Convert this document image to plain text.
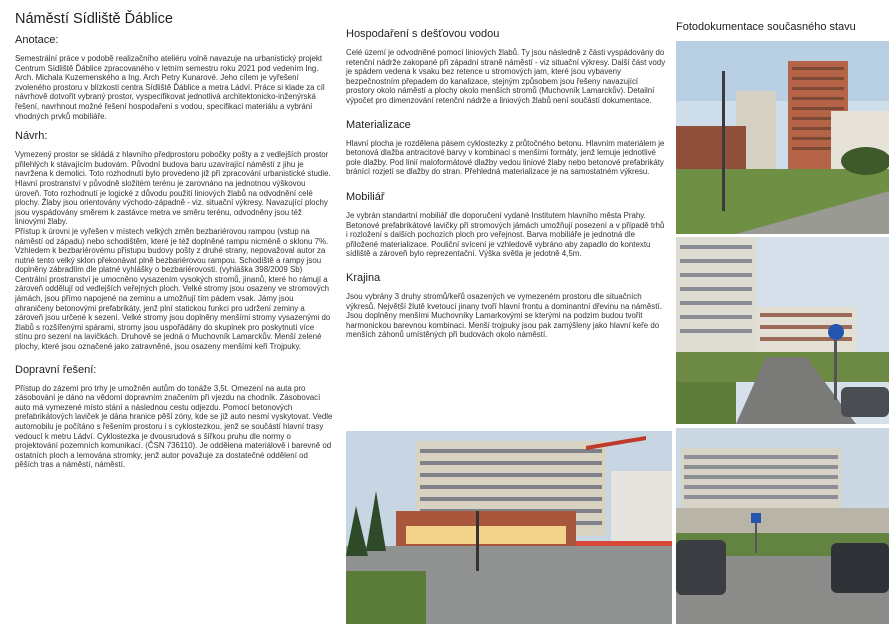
Náměstí Sídliště Ďáblice
Anotace:

Semestrální práce v podobě realizačního ateliéru volně navazuje na urbanistický projekt Centrum Sídliště Ďáblice zpracovaného v letním semestru roku 2021 pod vedením Ing. Arch. Michala Kuzemenského a Ing. Arch Petry Kunarové. Jeho cílem je vyřešení zvoleného prostoru v blízkosti centra Sídliště Ďáblice a metra Ládví. Práce si klade za cíl návrhově dotvořit vybraný prostor, vyspecifikovat jednotlivá architektonicko-inženýrská řešení, navrhnout možné řešení hospodaření s vodou, specifikaci materiálu a vybrání vhodných prvků mobiliáře.

Návrh:

Vymezený prostor se skládá z hlavního předprostoru pobočky pošty a z vedlejších prostor přilehlých k stávajícím budovám. Původní budova baru uzavírající náměstí z jihu je navržena k demolici. Toto rozhodnutí bylo provedeno již při zpracování urbanistické studie. Hlavní prostranství v původně složitém terénu je zarovnáno na jednotnou výškovou úroveň. Toto rozhodnutí je logické z důvodu použití liniových žlabů na odvodnění celé plochy. Žlaby jsou orientovány východo-západně - viz. situační výkresy. Navazující plochy jsou vyspádovány směrem k zastávce metra ve směru terénu, odvodněny jsou též liniovými žlaby.

Přístup k úrovni je vyřešen v místech velkých změn bezbariérovou rampou (vstup na náměstí od západu) nebo schodištěm, které je též doplněné rampu nicméně o sklonu 7%. Vzhledem k bezbariérovému přístupu budovy pošty z druhé strany, nepovažoval autor za nutné tento velký sklon překonávat plně bezbariérovou rampou. Schodiště a rampy jsou doplněny zábradlím dle platné vyhlášky o bezbariérovosti. (vyhláška 398/2009 Sb)

Centrální prostranství je umocněno vysazením vysokých stromů, jinanů, které ho rámují a zároveň oddělují od vedlejších veřejných ploch. Velké stromy jsou osazeny ve stromových jámách, jsou přímo napojené na zeminu a umožňují tím pádem vsak. Jámy jsou ohraničeny betonovými prefabrikáty, jenž plní statickou funkci pro udržení zeminy a zároveň jsou určené k sezení. Velké stromy jsou doplněny menšími stromy vysazenými do žlabů s rozšířenými spárami, stromy jsou uspořádány do skupinek pro poskytnutí více stínu pro sezení na lavičkách. Druhově se jedná o Muchovník Lamarckův. Menší zelené plochy, které jsou označené jako zatravněné, jsou osazeny menšími keři Trojpuky.

Dopravní řešení:

Přístup do zázemí pro trhy je umožněn autům do tonáže 3,5t. Omezení na auta pro zásobování je dáno na vědomí dopravním značením při vjezdu na chodník. Zásobovací auto má vymezené místo stání a následnou cestu odjezdu. Pomocí betonových prefabrikátových laviček je dána hranice pěší zóny, kde se již auto nesmí vyskytovat. Vedle automobilu je počítáno s řešením prostoru i s cyklostezkou, jenž se součástí hlavní trasy vedoucí k metru Ládví. Cyklostezka je dvousrudová s šířkou pruhu dle normy o projektování pozemních komunikací. (ČSN 736110). Je oddělena materiálově i barevně od ostatních ploch a lemována stromky, jenž autor považuje za dostatečné oddělení od pěších tras a náměstí, náměstí.

Hospodaření s dešťovou vodou

Celé území je odvodněné pomocí liniových žlabů. Ty jsou následně z části vyspádovány do retenční nádrže zakopané při západní straně náměstí - viz situační výkresy. Další část vody je spádem vedena k vsaku bez retence u stromových jam, které jsou vybaveny bezpečnostním přepadem do kanalizace, stejným způsobem jsou řešeny navazující prostory okolo náměstí a plochy okolo menších stromů (Muchovník Lamarckův). Detailní výpočet pro dimenzování retenční nádrže a liniových žlabů není součástí dokumentace.

Materializace

Hlavní plocha je rozdělena pásem cyklostezky z průtočného betonu. Hlavním materiálem je betonová dlažba antracitové barvy v kombinaci s menšími formáty, jenž lemuje jednotlivé pole dlažby. Pod linií maloformátové dlažby vedou liniové žlaby nebo betonové prefabrikáty bránící rozjetí se dlažby do stran. Přehledná materializace je na samostatném výkresu.

Mobiliář

Je vybrán standartní mobiliář dle doporučení vydané Institutem hlavního města Prahy. Betonové prefabrikátové lavičky při stromových jámách umožňují posezení a v případě trhů i rozložení s dalších pochozích ploch pro veřejnost. Barva mobiliáře je jednotná dle přiložené materializace. Pouliční svícení je vzhledově vybráno aby zapadlo do kontextu sídliště a zároveň bylo reprezentační. Výška světla je jedotně 4,5m.

Krajina

Jsou vybrány 3 druhy stromů/keřů osazených ve vymezeném prostoru dle situačních výkresů. Největší žlutě kvetoucí jinany tvoří hlavní frontu a dominantní dřevinu na náměstí. Jsou doplněny menšími Muchovníky Lamarkovými se kterými na podzim budou tvořit harmonickou barevnou kombinaci. Menší trojpuky jsou pak zamýšleny jako hlavní keře do menších záhonů umístěných při budovách okolo náměstí.

Fotodokumentace současného stavu
